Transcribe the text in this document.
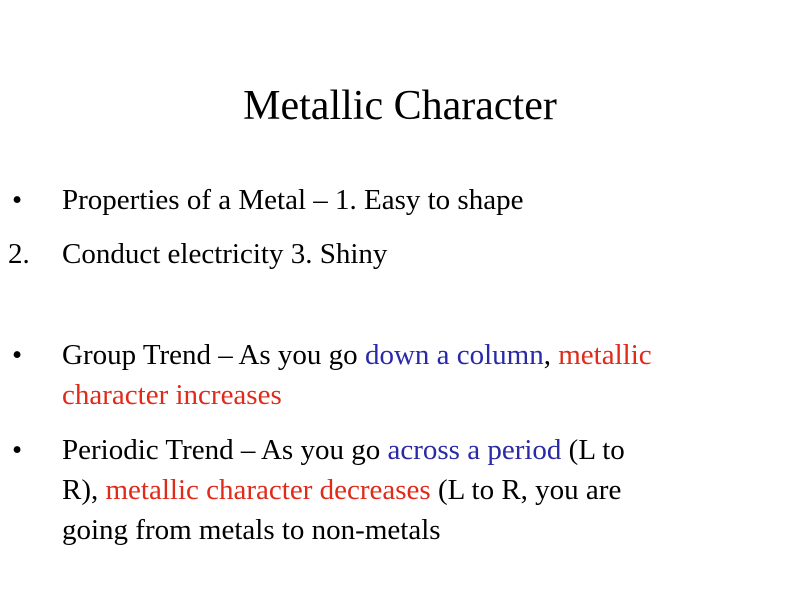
Metallic Character
• Properties of a Metal – 1. Easy to shape
2. Conduct electricity 3. Shiny
• Group Trend – As you go down a column, metallic
character increases
• Periodic Trend – As you go across a period (L to
R), metallic character decreases (L to R, you are
going from metals to non-metals
